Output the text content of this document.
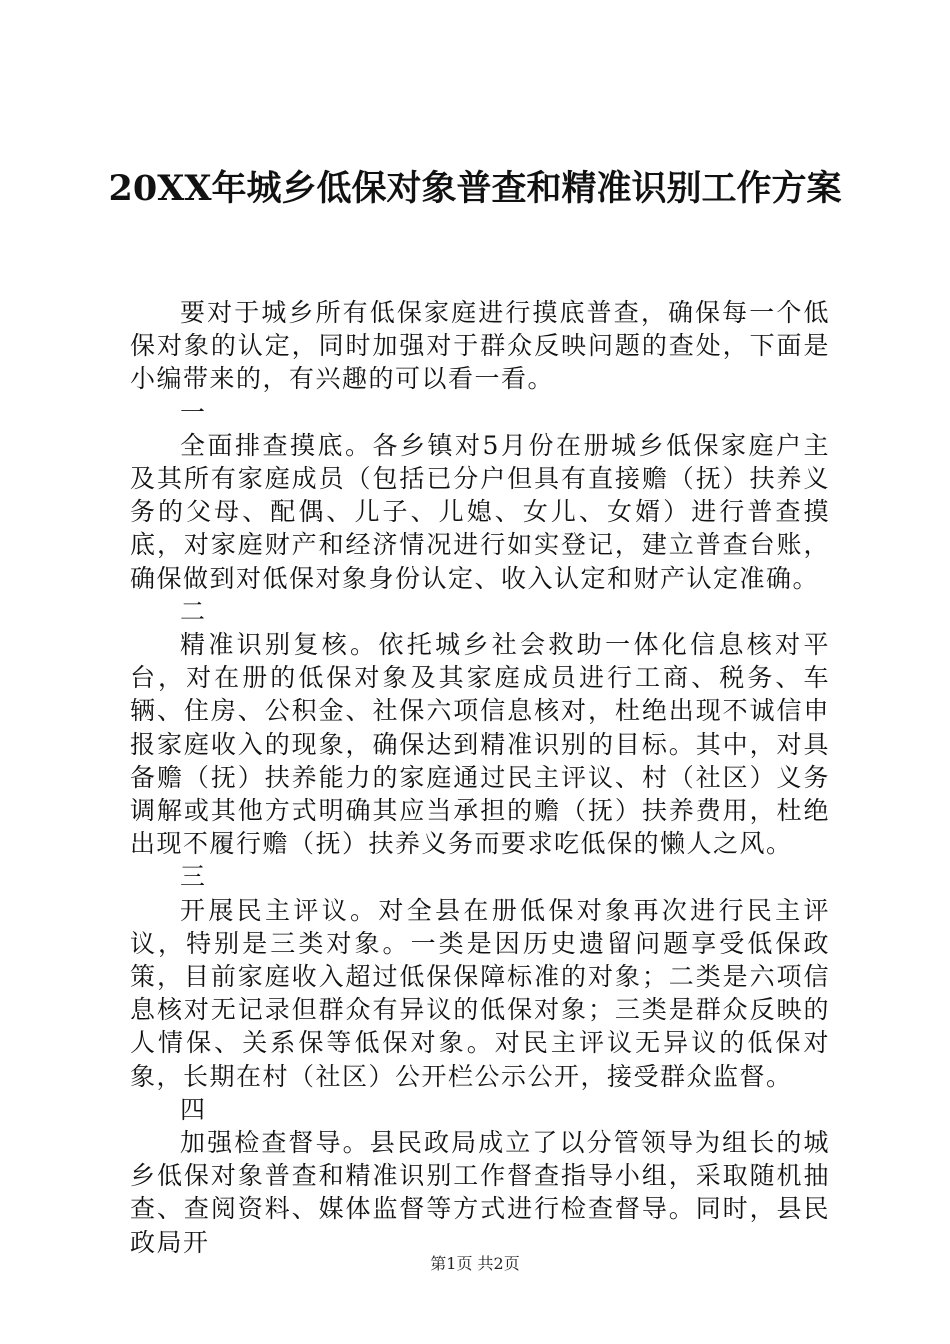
20XX年城乡低保对象普查和精准识别工作方案

要对于城乡所有低保家庭进行摸底普查，确保每一个低保对象的认定，同时加强对于群众反映问题的查处，下面是小编带来的，有兴趣的可以看一看。

一

全面排查摸底。各乡镇对5月份在册城乡低保家庭户主及其所有家庭成员（包括已分户但具有直接赡（抚）扶养义务的父母、配偶、儿子、儿媳、女儿、女婿）进行普查摸底，对家庭财产和经济情况进行如实登记，建立普查台账，确保做到对低保对象身份认定、收入认定和财产认定准确。

二

精准识别复核。依托城乡社会救助一体化信息核对平台，对在册的低保对象及其家庭成员进行工商、税务、车辆、住房、公积金、社保六项信息核对，杜绝出现不诚信申报家庭收入的现象，确保达到精准识别的目标。其中，对具备赡（抚）扶养能力的家庭通过民主评议、村（社区）义务调解或其他方式明确其应当承担的赡（抚）扶养费用，杜绝出现不履行赡（抚）扶养义务而要求吃低保的懒人之风。

三

开展民主评议。对全县在册低保对象再次进行民主评议，特别是三类对象。一类是因历史遗留问题享受低保政策，目前家庭收入超过低保保障标准的对象；二类是六项信息核对无记录但群众有异议的低保对象；三类是群众反映的人情保、关系保等低保对象。对民主评议无异议的低保对象，长期在村（社区）公开栏公示公开，接受群众监督。

四

加强检查督导。县民政局成立了以分管领导为组长的城乡低保对象普查和精准识别工作督查指导小组，采取随机抽查、查阅资料、媒体监督等方式进行检查督导。同时，县民政局开

第1页 共2页
